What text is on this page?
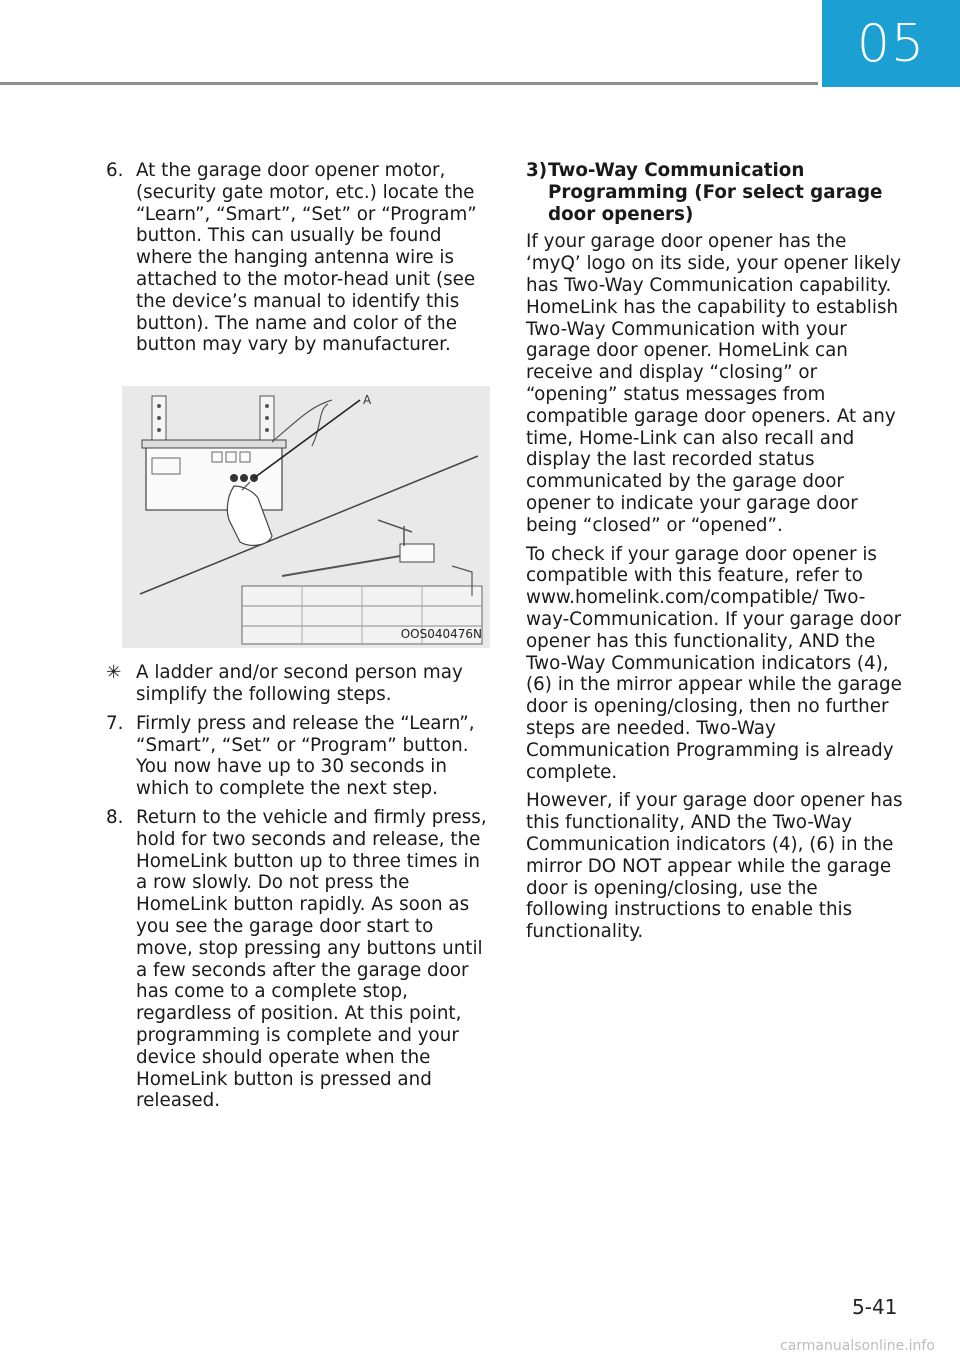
05
6. At the garage door opener motor, (security gate motor, etc.) locate the “Learn”, “Smart”, “Set” or “Program” button. This can usually be found where the hanging antenna wire is attached to the motor-head unit (see the device’s manual to identify this button). The name and color of the button may vary by manufacturer.
A
OOS040476N
✳ A ladder and/or second person may simplify the following steps.
7. Firmly press and release the “Learn”, “Smart”, “Set” or “Program” button. You now have up to 30 seconds in which to complete the next step.
8. Return to the vehicle and firmly press, hold for two seconds and release, the HomeLink button up to three times in a row slowly. Do not press the HomeLink button rapidly. As soon as you see the garage door start to move, stop pressing any buttons until a few seconds after the garage door has come to a complete stop, regardless of position. At this point, programming is complete and your device should operate when the HomeLink button is pressed and released.
3) Two-Way Communication Programming (For select garage door openers)

If your garage door opener has the ‘myQ’ logo on its side, your opener likely has Two-Way Communication capability. HomeLink has the capability to establish Two-Way Communication with your garage door opener. HomeLink can receive and display “closing” or “opening” status messages from compatible garage door openers. At any time, Home-Link can also recall and display the last recorded status communicated by the garage door opener to indicate your garage door being “closed” or “opened”.

To check if your garage door opener is compatible with this feature, refer to www.homelink.com/compatible/ Two-way-Communication. If your garage door opener has this functionality, AND the Two-Way Communication indicators (4), (6) in the mirror appear while the garage door is opening/closing, then no further steps are needed. Two-Way Communication Programming is already complete.

However, if your garage door opener has this functionality, AND the Two-Way Communication indicators (4), (6) in the mirror DO NOT appear while the garage door is opening/closing, use the following instructions to enable this functionality.

5-41
carmanualsonline.info
